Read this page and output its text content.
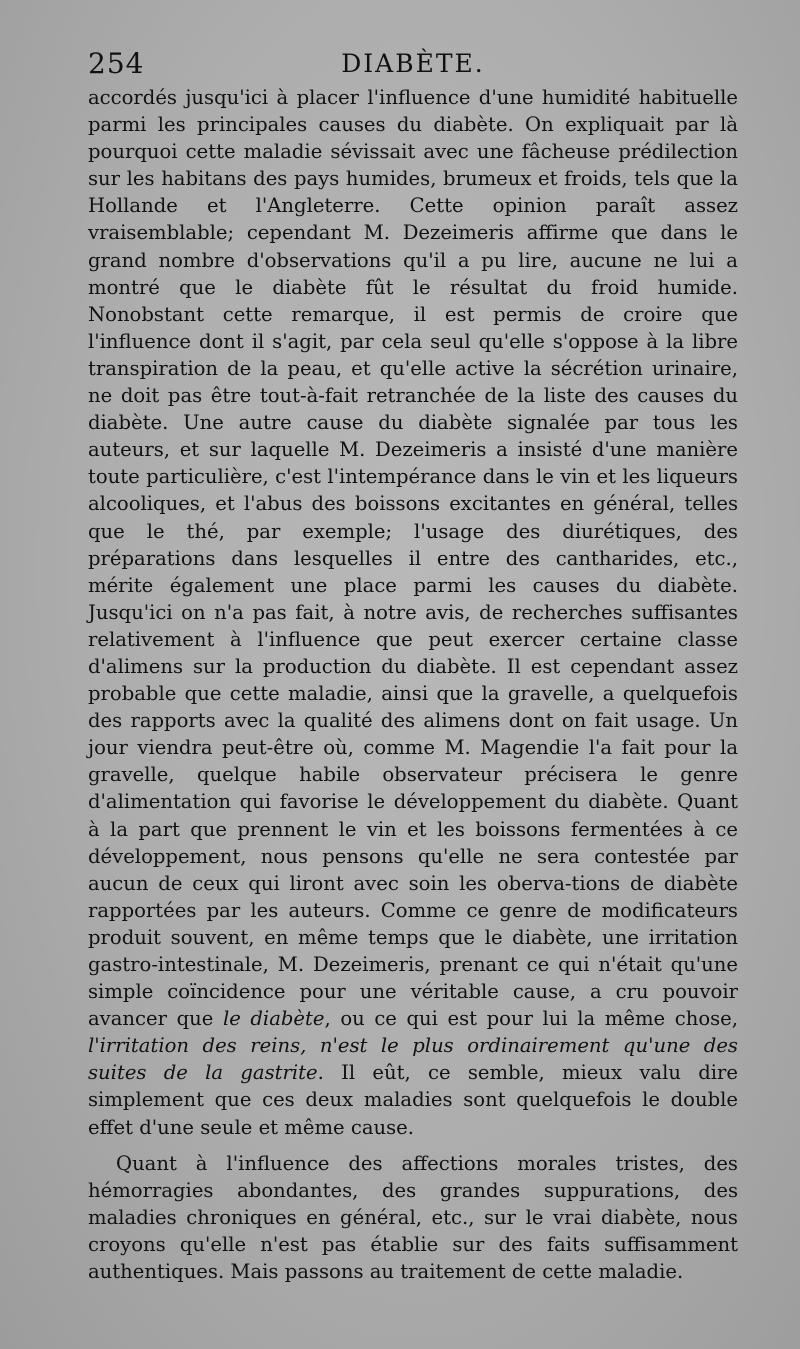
254	DIABÈTE.

accordés jusqu'ici à placer l'influence d'une humidité habituelle parmi les principales causes du diabète. On expliquait par là pourquoi cette maladie sévissait avec une fâcheuse prédilection sur les habitans des pays humides, brumeux et froids, tels que la Hollande et l'Angleterre. Cette opinion paraît assez vraisemblable; cependant M. Dezeimeris affirme que dans le grand nombre d'observations qu'il a pu lire, aucune ne lui a montré que le diabète fût le résultat du froid humide. Nonobstant cette remarque, il est permis de croire que l'influence dont il s'agit, par cela seul qu'elle s'oppose à la libre transpiration de la peau, et qu'elle active la sécrétion urinaire, ne doit pas être tout-à-fait retranchée de la liste des causes du diabète. Une autre cause du diabète signalée par tous les auteurs, et sur laquelle M. Dezeimeris a insisté d'une manière toute particulière, c'est l'intempérance dans le vin et les liqueurs alcooliques, et l'abus des boissons excitantes en général, telles que le thé, par exemple; l'usage des diurétiques, des préparations dans lesquelles il entre des cantharides, etc., mérite également une place parmi les causes du diabète. Jusqu'ici on n'a pas fait, à notre avis, de recherches suffisantes relativement à l'influence que peut exercer certaine classe d'alimens sur la production du diabète. Il est cependant assez probable que cette maladie, ainsi que la gravelle, a quelquefois des rapports avec la qualité des alimens dont on fait usage. Un jour viendra peut-être où, comme M. Magendie l'a fait pour la gravelle, quelque habile observateur précisera le genre d'alimentation qui favorise le développement du diabète. Quant à la part que prennent le vin et les boissons fermentées à ce développement, nous pensons qu'elle ne sera contestée par aucun de ceux qui liront avec soin les oberva-tions de diabète rapportées par les auteurs. Comme ce genre de modificateurs produit souvent, en même temps que le diabète, une irritation gastro-intestinale, M. Dezeimeris, prenant ce qui n'était qu'une simple coïncidence pour une véritable cause, a cru pouvoir avancer que le diabète, ou ce qui est pour lui la même chose, l'irritation des reins, n'est le plus ordinairement qu'une des suites de la gastrite. Il eût, ce semble, mieux valu dire simplement que ces deux maladies sont quelquefois le double effet d'une seule et même cause.

Quant à l'influence des affections morales tristes, des hémorragies abondantes, des grandes suppurations, des maladies chroniques en général, etc., sur le vrai diabète, nous croyons qu'elle n'est pas établie sur des faits suffisamment authentiques. Mais passons au traitement de cette maladie.
